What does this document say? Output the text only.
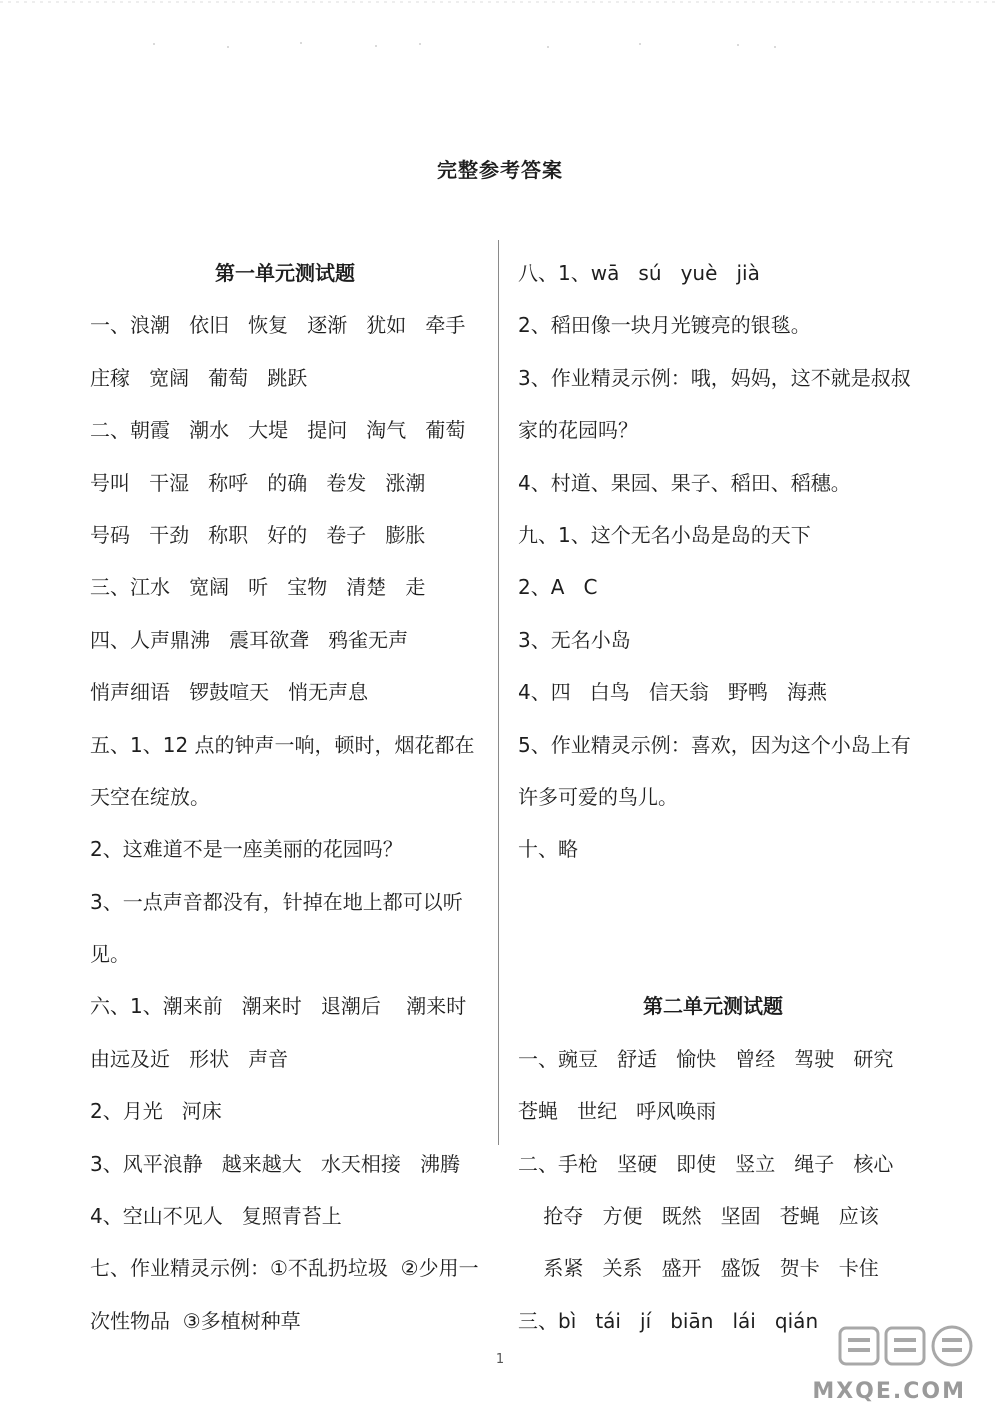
完整参考答案
第一单元测试题
一、浪潮   依旧   恢复   逐渐   犹如   牵手
庄稼   宽阔   葡萄   跳跃
二、朝霞   潮水   大堤   提问   淘气   葡萄
号叫   干湿   称呼   的确   卷发   涨潮
号码   干劲   称职   好的   卷子   膨胀
三、江水   宽阔   听   宝物   清楚   走
四、人声鼎沸   震耳欲聋   鸦雀无声
悄声细语   锣鼓喧天   悄无声息
五、1、12 点的钟声一响，顿时，烟花都在
天空在绽放。
2、这难道不是一座美丽的花园吗？
3、一点声音都没有，针掉在地上都可以听
见。
六、1、潮来前   潮来时   退潮后    潮来时
由远及近   形状   声音
2、月光   河床
3、风平浪静   越来越大   水天相接   沸腾
4、空山不见人   复照青苔上
七、作业精灵示例：①不乱扔垃圾  ②少用一
次性物品  ③多植树种草
八、1、wā   sú   yuè   jià
2、稻田像一块月光镀亮的银毯。
3、作业精灵示例：哦，妈妈，这不就是叔叔
家的花园吗？
4、村道、果园、果子、稻田、稻穗。
九、1、这个无名小岛是岛的天下
2、A   C
3、无名小岛
4、四   白鸟   信天翁   野鸭   海燕
5、作业精灵示例：喜欢，因为这个小岛上有
许多可爱的鸟儿。
十、略
第二单元测试题
一、豌豆   舒适   愉快   曾经   驾驶   研究
苍蝇   世纪   呼风唤雨
二、手枪   坚硬   即使   竖立   绳子   核心
抢夺   方便   既然   坚固   苍蝇   应该
系紧   关系   盛开   盛饭   贺卡   卡住
三、bì   tái   jí   biān   lái   qián
1
MXQE.COM
